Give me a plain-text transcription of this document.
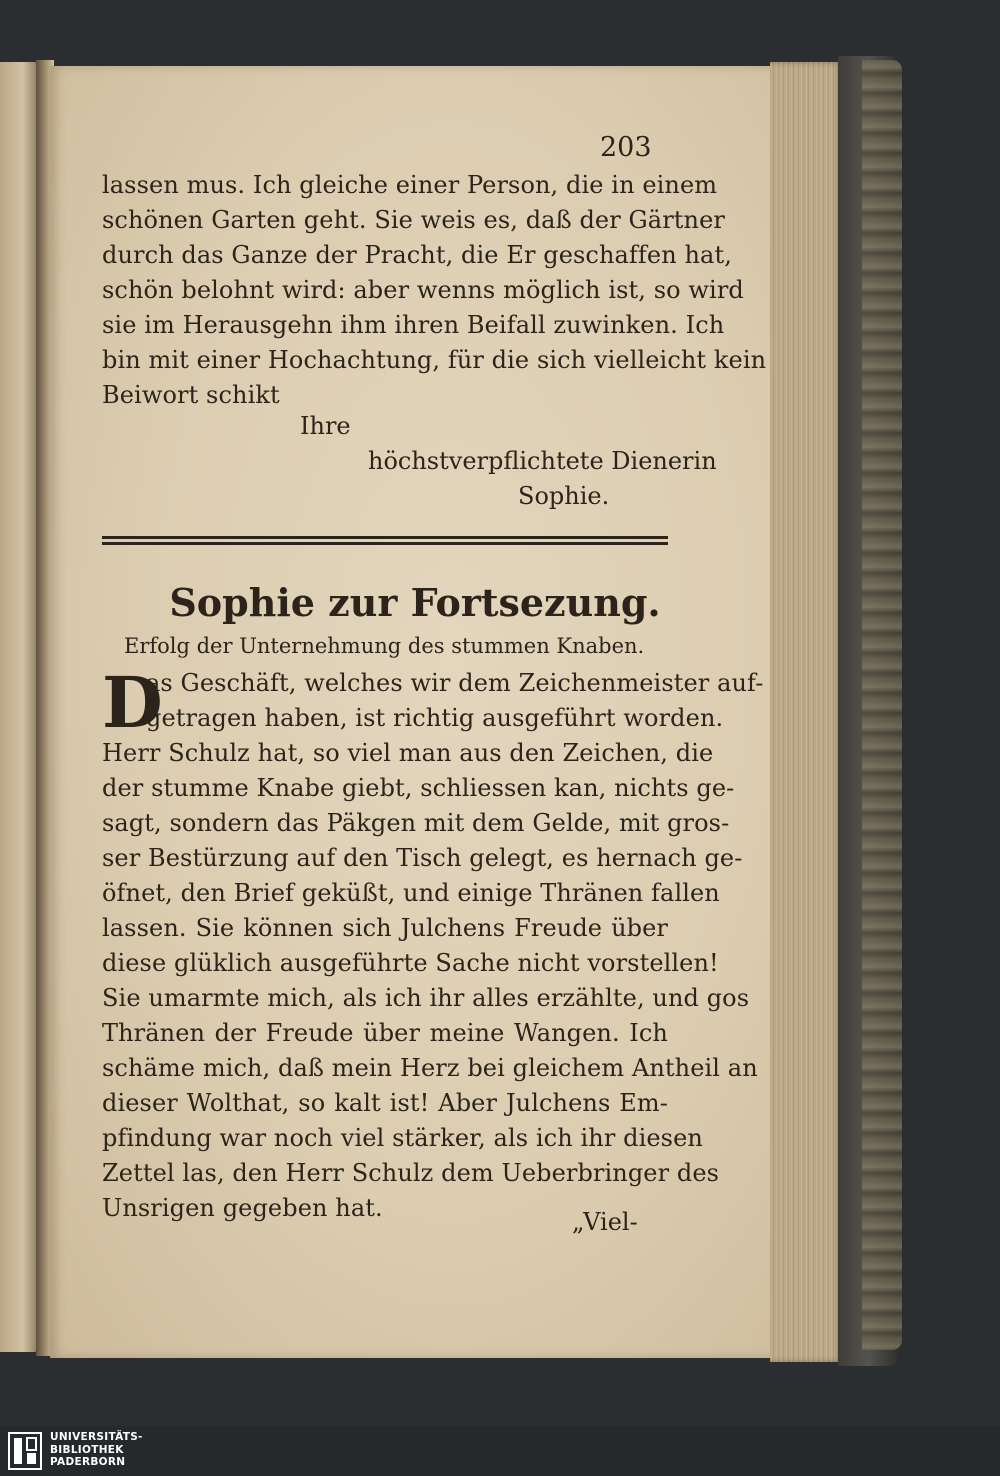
203
lassen mus. Ich gleiche einer Person, die in einem
schönen Garten geht. Sie weis es, daß der Gärtner
durch das Ganze der Pracht, die Er geschaffen hat,
schön belohnt wird: aber wenns möglich ist, so wird
sie im Herausgehn ihm ihren Beifall zuwinken. Ich
bin mit einer Hochachtung, für die sich vielleicht kein
Beiwort schikt
Ihre
höchstverpflichtete Dienerin
Sophie.
Sophie zur Fortsezung.
Erfolg der Unternehmung des stummen Knaben.
D
as Geschäft, welches wir dem Zeichenmeister auf-
getragen haben, ist richtig ausgeführt worden.
Herr Schulz hat, so viel man aus den Zeichen, die
der stumme Knabe giebt, schliessen kan, nichts ge-
sagt, sondern das Päkgen mit dem Gelde, mit gros-
ser Bestürzung auf den Tisch gelegt, es hernach ge-
öfnet, den Brief geküßt, und einige Thränen fallen
lassen. Sie können sich Julchens Freude über
diese glüklich ausgeführte Sache nicht vorstellen!
Sie umarmte mich, als ich ihr alles erzählte, und gos
Thränen der Freude über meine Wangen. Ich
schäme mich, daß mein Herz bei gleichem Antheil an
dieser Wolthat, so kalt ist! Aber Julchens Em-
pfindung war noch viel stärker, als ich ihr diesen
Zettel las, den Herr Schulz dem Ueberbringer des
Unsrigen gegeben hat.	„Viel-
UNIVERSITÄTS-
BIBLIOTHEK
PADERBORN
